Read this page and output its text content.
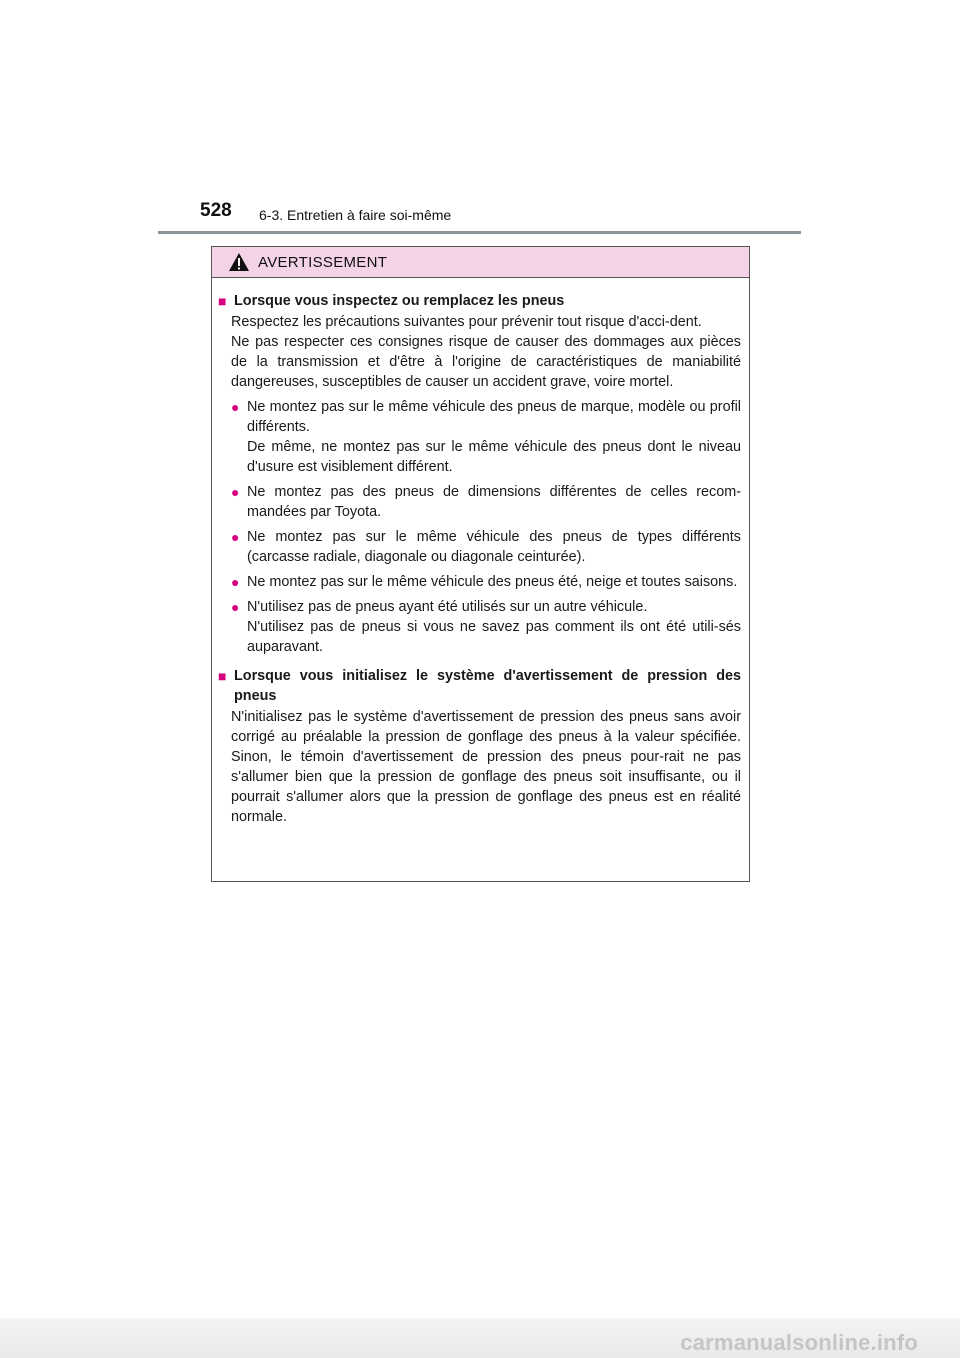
528 6-3. Entretien à faire soi-même
AVERTISSEMENT
■ Lorsque vous inspectez ou remplacez les pneus

Respectez les précautions suivantes pour prévenir tout risque d'acci-dent.

Ne pas respecter ces consignes risque de causer des dommages aux pièces de la transmission et d'être à l'origine de caractéristiques de maniabilité dangereuses, susceptibles de causer un accident grave, voire mortel.

● Ne montez pas sur le même véhicule des pneus de marque, modèle ou profil différents.

De même, ne montez pas sur le même véhicule des pneus dont le niveau d'usure est visiblement différent.

● Ne montez pas des pneus de dimensions différentes de celles recom-mandées par Toyota.

● Ne montez pas sur le même véhicule des pneus de types différents (carcasse radiale, diagonale ou diagonale ceinturée).

● Ne montez pas sur le même véhicule des pneus été, neige et toutes saisons.

● N'utilisez pas de pneus ayant été utilisés sur un autre véhicule.

N'utilisez pas de pneus si vous ne savez pas comment ils ont été utili-sés auparavant.

■ Lorsque vous initialisez le système d'avertissement de pression des pneus

N'initialisez pas le système d'avertissement de pression des pneus sans avoir corrigé au préalable la pression de gonflage des pneus à la valeur spécifiée. Sinon, le témoin d'avertissement de pression des pneus pour-rait ne pas s'allumer bien que la pression de gonflage des pneus soit insuffisante, ou il pourrait s'allumer alors que la pression de gonflage des pneus est en réalité normale.

carmanualsonline.info
